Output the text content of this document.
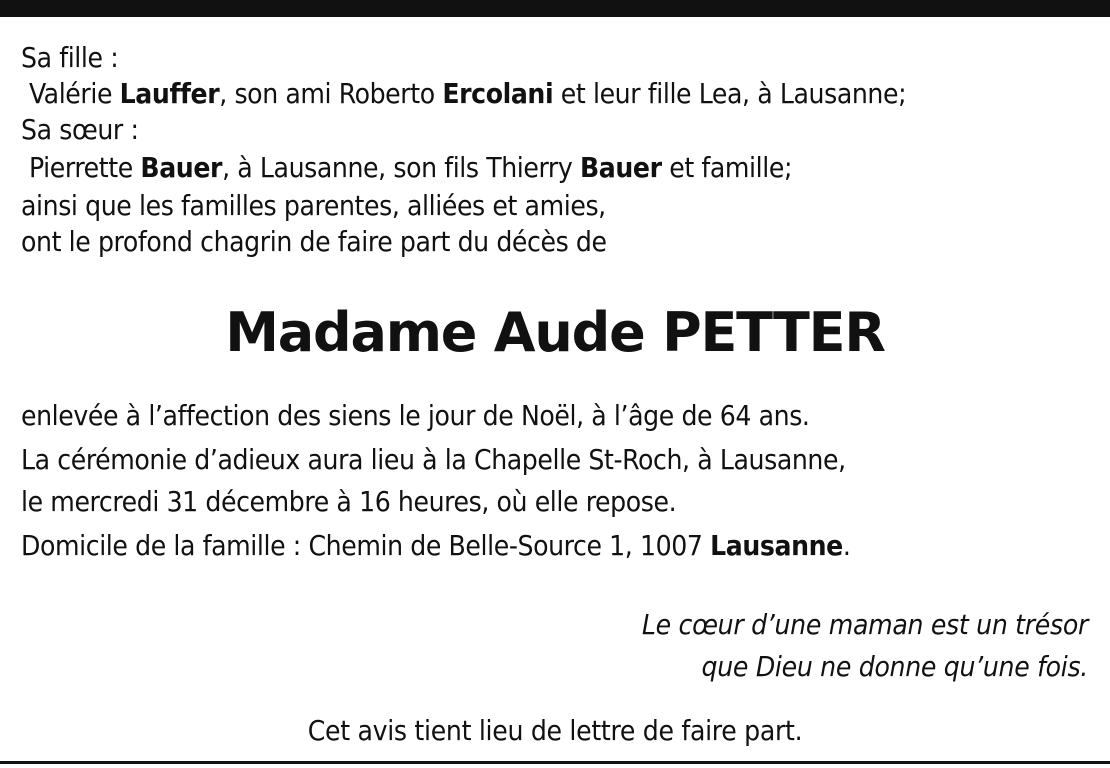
Sa fille :
Valérie Lauffer, son ami Roberto Ercolani et leur fille Lea, à Lausanne;
Sa sœur :
Pierrette Bauer, à Lausanne, son fils Thierry Bauer et famille;
ainsi que les familles parentes, alliées et amies,
ont le profond chagrin de faire part du décès de
Madame Aude PETTER
enlevée à l’affection des siens le jour de Noël, à l’âge de 64 ans.
La cérémonie d’adieux aura lieu à la Chapelle St-Roch, à Lausanne,
le mercredi 31 décembre à 16 heures, où elle repose.
Domicile de la famille : Chemin de Belle-Source 1, 1007 Lausanne.
Le cœur d’une maman est un trésor
que Dieu ne donne qu’une fois.
Cet avis tient lieu de lettre de faire part.
